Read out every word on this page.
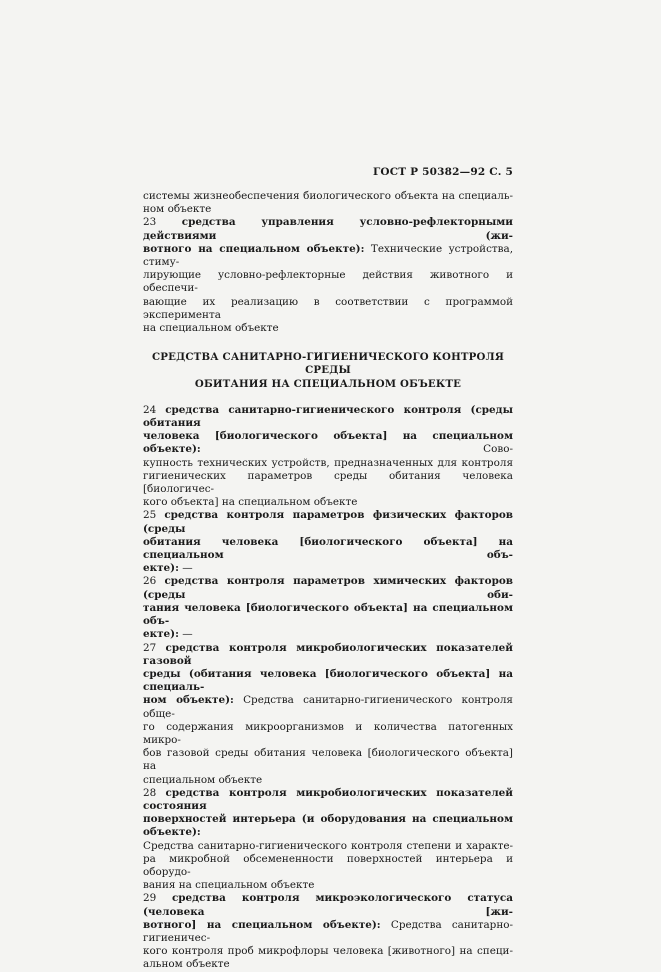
ГОСТ Р 50382—92 С. 5
системы жизнеобеспечения биологического объекта на специаль-
ном объекте
23 средства управления условно-рефлекторными действиями (жи-
вотного на специальном объекте): Технические устройства, стиму-
лирующие условно-рефлекторные действия животного и обеспечи-
вающие их реализацию в соответствии с программой эксперимента
на специальном объекте
СРЕДСТВА САНИТАРНО-ГИГИЕНИЧЕСКОГО КОНТРОЛЯ СРЕДЫ
ОБИТАНИЯ НА СПЕЦИАЛЬНОМ ОБЪЕКТЕ
24 средства санитарно-гигиенического контроля (среды обитания
человека [биологического объекта] на специальном объекте):	Сово-
купность технических устройств, предназначенных для контроля
гигиенических параметров среды обитания человека [биологичес-
кого объекта] на специальном объекте
25 средства контроля параметров физических факторов (среды
обитания человека [биологического объекта] на специальном объ-
екте): —
26 средства контроля параметров химических факторов (среды оби-
тания человека [биологического объекта] на специальном объ-
екте): —
27 средства контроля микробиологических показателей газовой
среды (обитания человека [биологического объекта] на специаль-
ном объекте): Средства санитарно-гигиенического контроля обще-
го содержания микроорганизмов и количества патогенных микро-
бов газовой среды обитания человека [биологического объекта] на
специальном объекте
28 средства контроля микробиологических показателей состояния
поверхностей интерьера (и оборудования на специальном объекте):
Средства санитарно-гигиенического контроля степени и характе-
ра микробной обсемененности поверхностей интерьера и оборудо-
вания на специальном объекте
29 средства контроля микроэкологического статуса (человека [жи-
вотного] на специальном объекте): Средства санитарно-гигиеничес-
кого контроля проб микрофлоры человека [животного] на специ-
альном объекте
